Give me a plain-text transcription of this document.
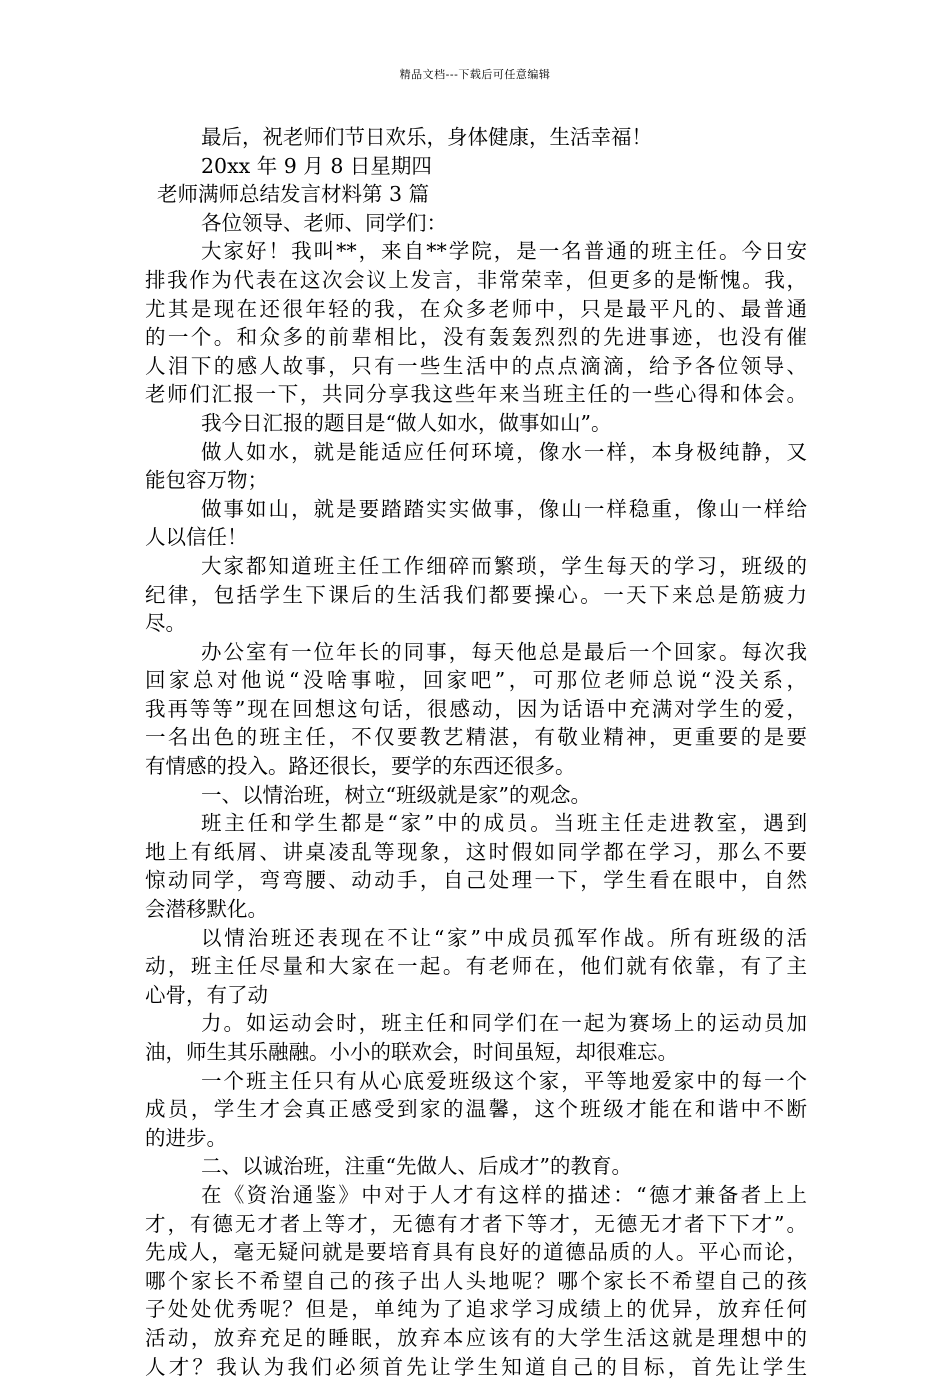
精品文档---下载后可任意编辑
最后，祝老师们节日欢乐，身体健康，生活幸福！
20xx 年 9 月 8 日星期四
老师满师总结发言材料第 3 篇
各位领导、老师、同学们：
大家好！我叫**，来自**学院，是一名普通的班主任。今日安
排我作为代表在这次会议上发言，非常荣幸，但更多的是惭愧。我，
尤其是现在还很年轻的我，在众多老师中，只是最平凡的、最普通
的一个。和众多的前辈相比，没有轰轰烈烈的先进事迹，也没有催
人泪下的感人故事，只有一些生活中的点点滴滴，给予各位领导、
老师们汇报一下，共同分享我这些年来当班主任的一些心得和体会。
我今日汇报的题目是“做人如水，做事如山”。
做人如水，就是能适应任何环境，像水一样，本身极纯静，又
能包容万物；
做事如山，就是要踏踏实实做事，像山一样稳重，像山一样给
人以信任！
大家都知道班主任工作细碎而繁琐，学生每天的学习，班级的
纪律，包括学生下课后的生活我们都要操心。一天下来总是筋疲力
尽。
办公室有一位年长的同事，每天他总是最后一个回家。每次我
回家总对他说“没啥事啦，回家吧”，可那位老师总说“没关系，
我再等等”现在回想这句话，很感动，因为话语中充满对学生的爱，
一名出色的班主任，不仅要教艺精湛，有敬业精神，更重要的是要
有情感的投入。路还很长，要学的东西还很多。
一、以情治班，树立“班级就是家”的观念。
班主任和学生都是“家”中的成员。当班主任走进教室，遇到
地上有纸屑、讲桌凌乱等现象，这时假如同学都在学习，那么不要
惊动同学，弯弯腰、动动手，自己处理一下，学生看在眼中，自然
会潜移默化。
以情治班还表现在不让“家”中成员孤军作战。所有班级的活
动，班主任尽量和大家在一起。有老师在，他们就有依靠，有了主
心骨，有了动
力。如运动会时，班主任和同学们在一起为赛场上的运动员加
油，师生其乐融融。小小的联欢会，时间虽短，却很难忘。
一个班主任只有从心底爱班级这个家，平等地爱家中的每一个
成员，学生才会真正感受到家的温馨，这个班级才能在和谐中不断
的进步。
二、以诚治班，注重“先做人、后成才”的教育。
在《资治通鉴》中对于人才有这样的描述：“德才兼备者上上
才，有德无才者上等才，无德有才者下等才，无德无才者下下才”。
先成人，毫无疑问就是要培育具有良好的道德品质的人。平心而论，
哪个家长不希望自己的孩子出人头地呢？哪个家长不希望自己的孩
子处处优秀呢？但是，单纯为了追求学习成绩上的优异，放弃任何
活动，放弃充足的睡眠，放弃本应该有的大学生活这就是理想中的
人才？我认为我们必须首先让学生知道自己的目标，首先让学生
